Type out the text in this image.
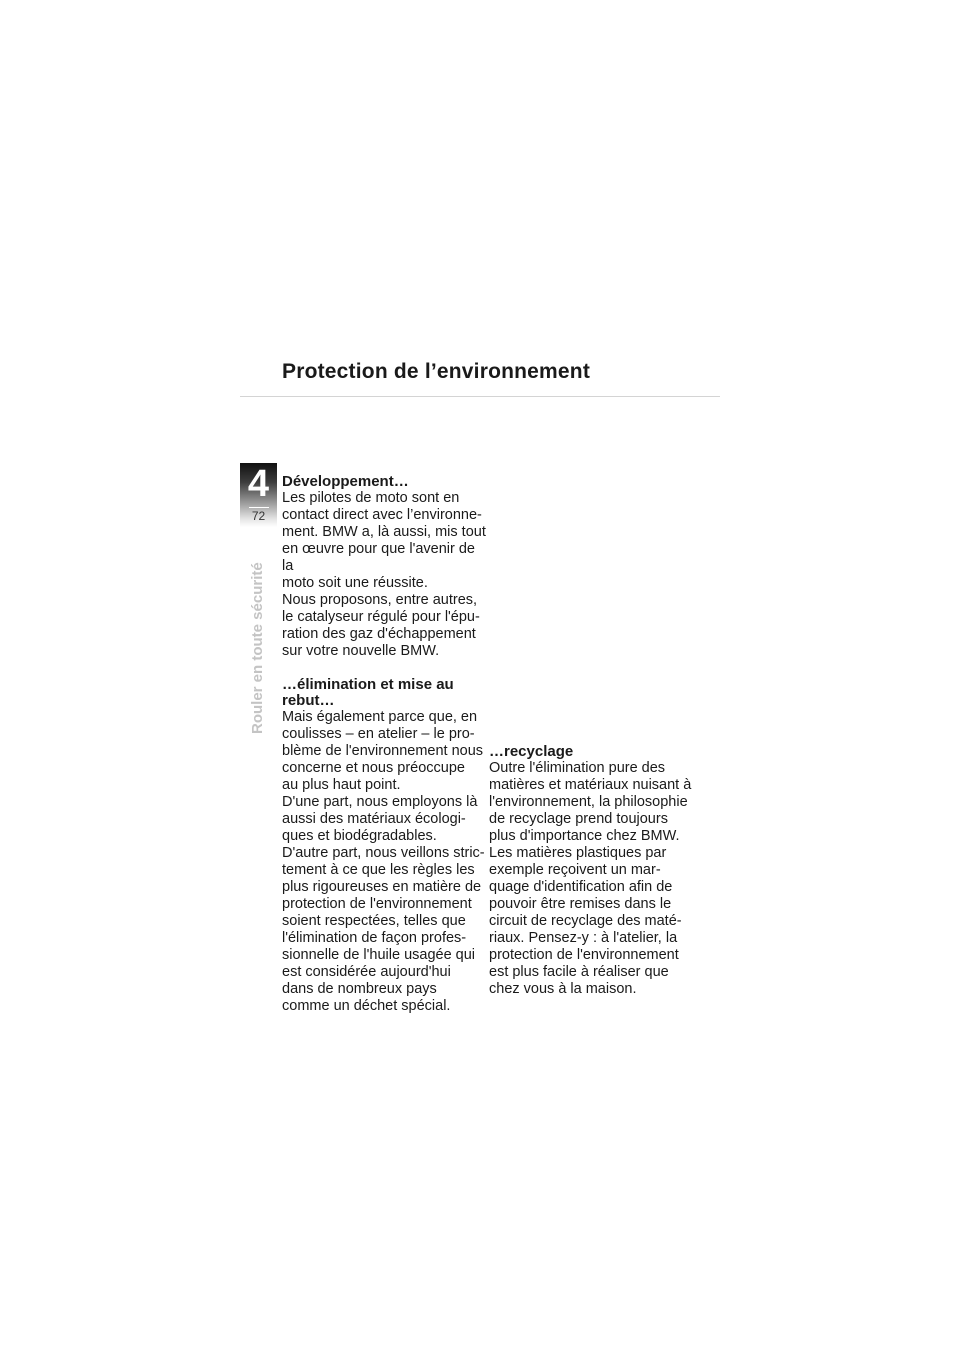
Protection de l’environnement
4
72
Rouler en toute sécurité
Développement…

Les pilotes de moto sont en
contact direct avec l’environne-
ment. BMW a, là aussi, mis tout
en œuvre pour que l'avenir de la
moto soit une réussite.
Nous proposons, entre autres,
le catalyseur régulé pour l'épu-
ration des gaz d'échappement
sur votre nouvelle BMW.

…élimination et mise au
rebut…

Mais également parce que, en
coulisses – en atelier – le pro-
blème de l'environnement nous
concerne et nous préoccupe
au plus haut point.
D'une part, nous employons là
aussi des matériaux écologi-
ques et biodégradables.
D'autre part, nous veillons stric-
tement à ce que les règles les
plus rigoureuses en matière de
protection de l'environnement
soient respectées, telles que
l'élimination de façon profes-
sionnelle de l'huile usagée qui
est considérée aujourd'hui
dans de nombreux pays
comme un déchet spécial.

…recyclage

Outre l'élimination pure des
matières et matériaux nuisant à
l'environnement, la philosophie
de recyclage prend toujours
plus d'importance chez BMW.
Les matières plastiques par
exemple reçoivent un mar-
quage d'identification afin de
pouvoir être remises dans le
circuit de recyclage des maté-
riaux. Pensez-y : à l'atelier, la
protection de l'environnement
est plus facile à réaliser que
chez vous à la maison.
